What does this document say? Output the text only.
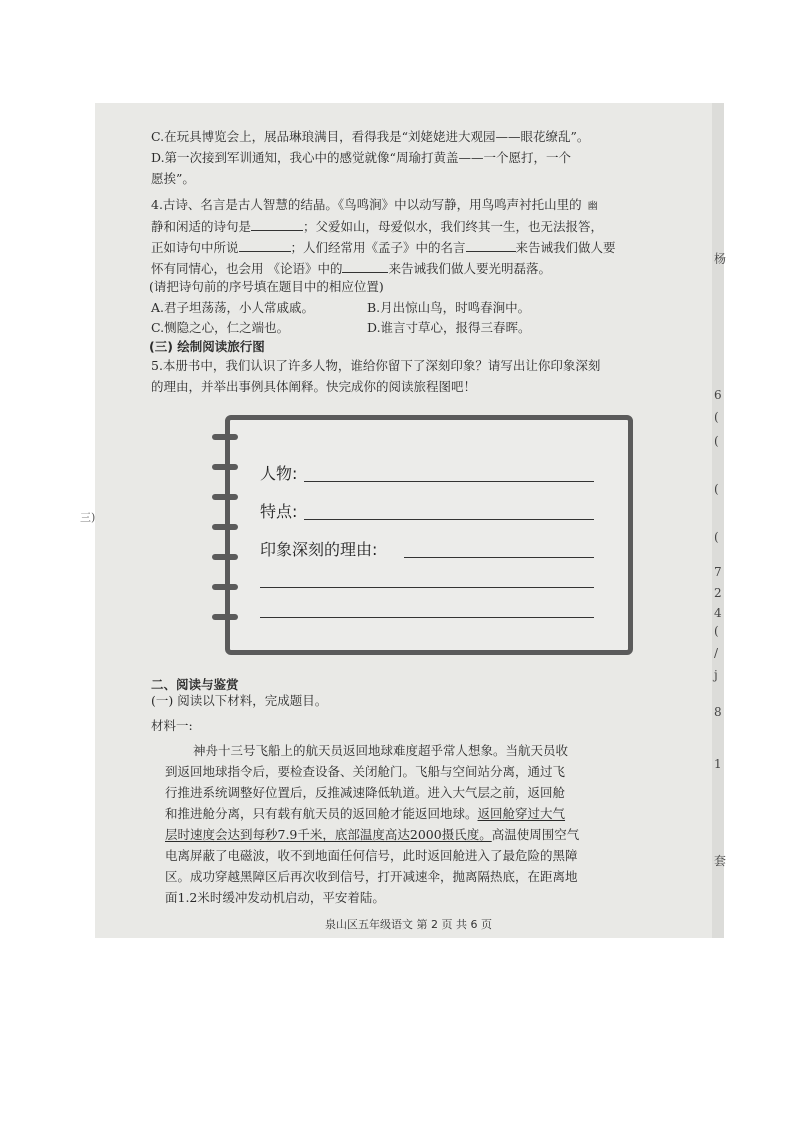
C.在玩具博览会上，展品琳琅满目，看得我是“刘姥姥进大观园——眼花缭乱”。
D.第一次接到军训通知，我心中的感觉就像“周瑜打黄盖——一个愿打，一个
愿挨”。
4.古诗、名言是古人智慧的结晶。《鸟鸣涧》中以动写静，用鸟鸣声衬托山里的 幽
静和闲适的诗句是	；父爱如山，母爱似水，我们终其一生，也无法报答，
正如诗句中所说	；人们经常用《孟子》中的名言	来告诫我们做人要
怀有同情心，也会用 《论语》中的	来告诫我们做人要光明磊落。
(请把诗句前的序号填在题目中的相应位置)
A.君子坦荡荡，小人常戚戚。	B.月出惊山鸟，时鸣春涧中。
C.恻隐之心，仁之端也。	D.谁言寸草心，报得三春晖。
(三) 绘制阅读旅行图
5.本册书中，我们认识了许多人物，谁给你留下了深刻印象？请写出让你印象深刻
的理由，并举出事例具体阐释。快完成你的阅读旅程图吧！
人物:
特点:
印象深刻的理由:
二、阅读与鉴赏
(一) 阅读以下材料，完成题目。
材料一:
神舟十三号飞船上的航天员返回地球难度超乎常人想象。当航天员收
到返回地球指令后，要检查设备、关闭舱门。飞船与空间站分离，通过飞
行推进系统调整好位置后，反推减速降低轨道。进入大气层之前，返回舱
和推进舱分离，只有载有航天员的返回舱才能返回地球。返回舱穿过大气
层时速度会达到每秒7.9千米，底部温度高达2000摄氏度。高温使周围空气
电离屏蔽了电磁波，收不到地面任何信号，此时返回舱进入了最危险的黑障
区。成功穿越黑障区后再次收到信号，打开减速伞，抛离隔热底，在距离地
面1.2米时缓冲发动机启动，平安着陆。
泉山区五年级语文 第 2 页 共 6 页
杨
6
(
(
(
(
7
2
4
(
/
j
8
1
套
三)
